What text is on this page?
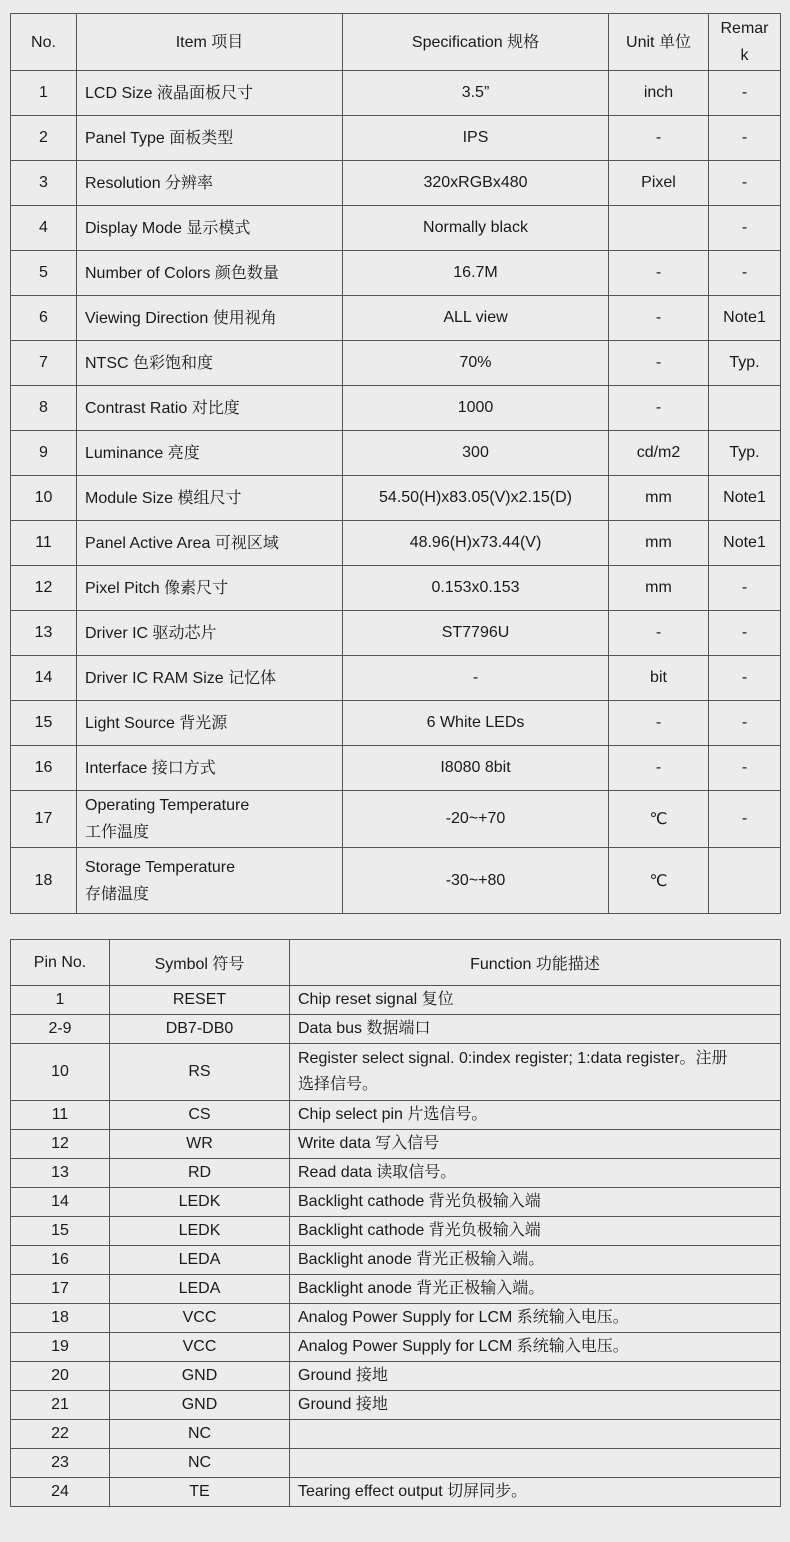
No.	Item 项目	Specification 规格	Unit 单位	Remar
k
1	LCD Size 液晶面板尺寸	3.5”	inch	-
2	Panel Type 面板类型	IPS	-	-
3	Resolution 分辨率	320xRGBx480	Pixel	-
4	Display Mode 显示模式	Normally black		-
5	Number of Colors 颜色数量	16.7M	-	-
6	Viewing Direction 使用视角	ALL view	-	Note1
7	NTSC 色彩饱和度	70%	-	Typ.
8	Contrast Ratio 对比度	1000	-	
9	Luminance 亮度	300	cd/m2	Typ.
10	Module Size 模组尺寸	54.50(H)x83.05(V)x2.15(D)	mm	Note1
11	Panel Active Area 可视区域	48.96(H)x73.44(V)	mm	Note1
12	Pixel Pitch 像素尺寸	0.153x0.153	mm	-
13	Driver IC 驱动芯片	ST7796U	-	-
14	Driver IC RAM Size 记忆体	-	bit	-
15	Light Source 背光源	6 White LEDs	-	-
16	Interface 接口方式	I8080 8bit	-	-
17	Operating Temperature
工作温度	-20~+70	℃	-
18	Storage Temperature
存储温度	-30~+80	℃	
Pin No.	Symbol 符号	Function 功能描述
1	RESET	Chip reset signal 复位
2-9	DB7-DB0	Data bus 数据端口
10	RS	Register select signal. 0:index register; 1:data register。注册
选择信号。
11	CS	Chip select pin 片选信号。
12	WR	Write data 写入信号
13	RD	Read data 读取信号。
14	LEDK	Backlight cathode 背光负极输入端
15	LEDK	Backlight cathode 背光负极输入端
16	LEDA	Backlight anode 背光正极输入端。
17	LEDA	Backlight anode 背光正极输入端。
18	VCC	Analog Power Supply for LCM 系统输入电压。
19	VCC	Analog Power Supply for LCM 系统输入电压。
20	GND	Ground 接地
21	GND	Ground 接地
22	NC	
23	NC	
24	TE	Tearing effect output 切屏同步。
